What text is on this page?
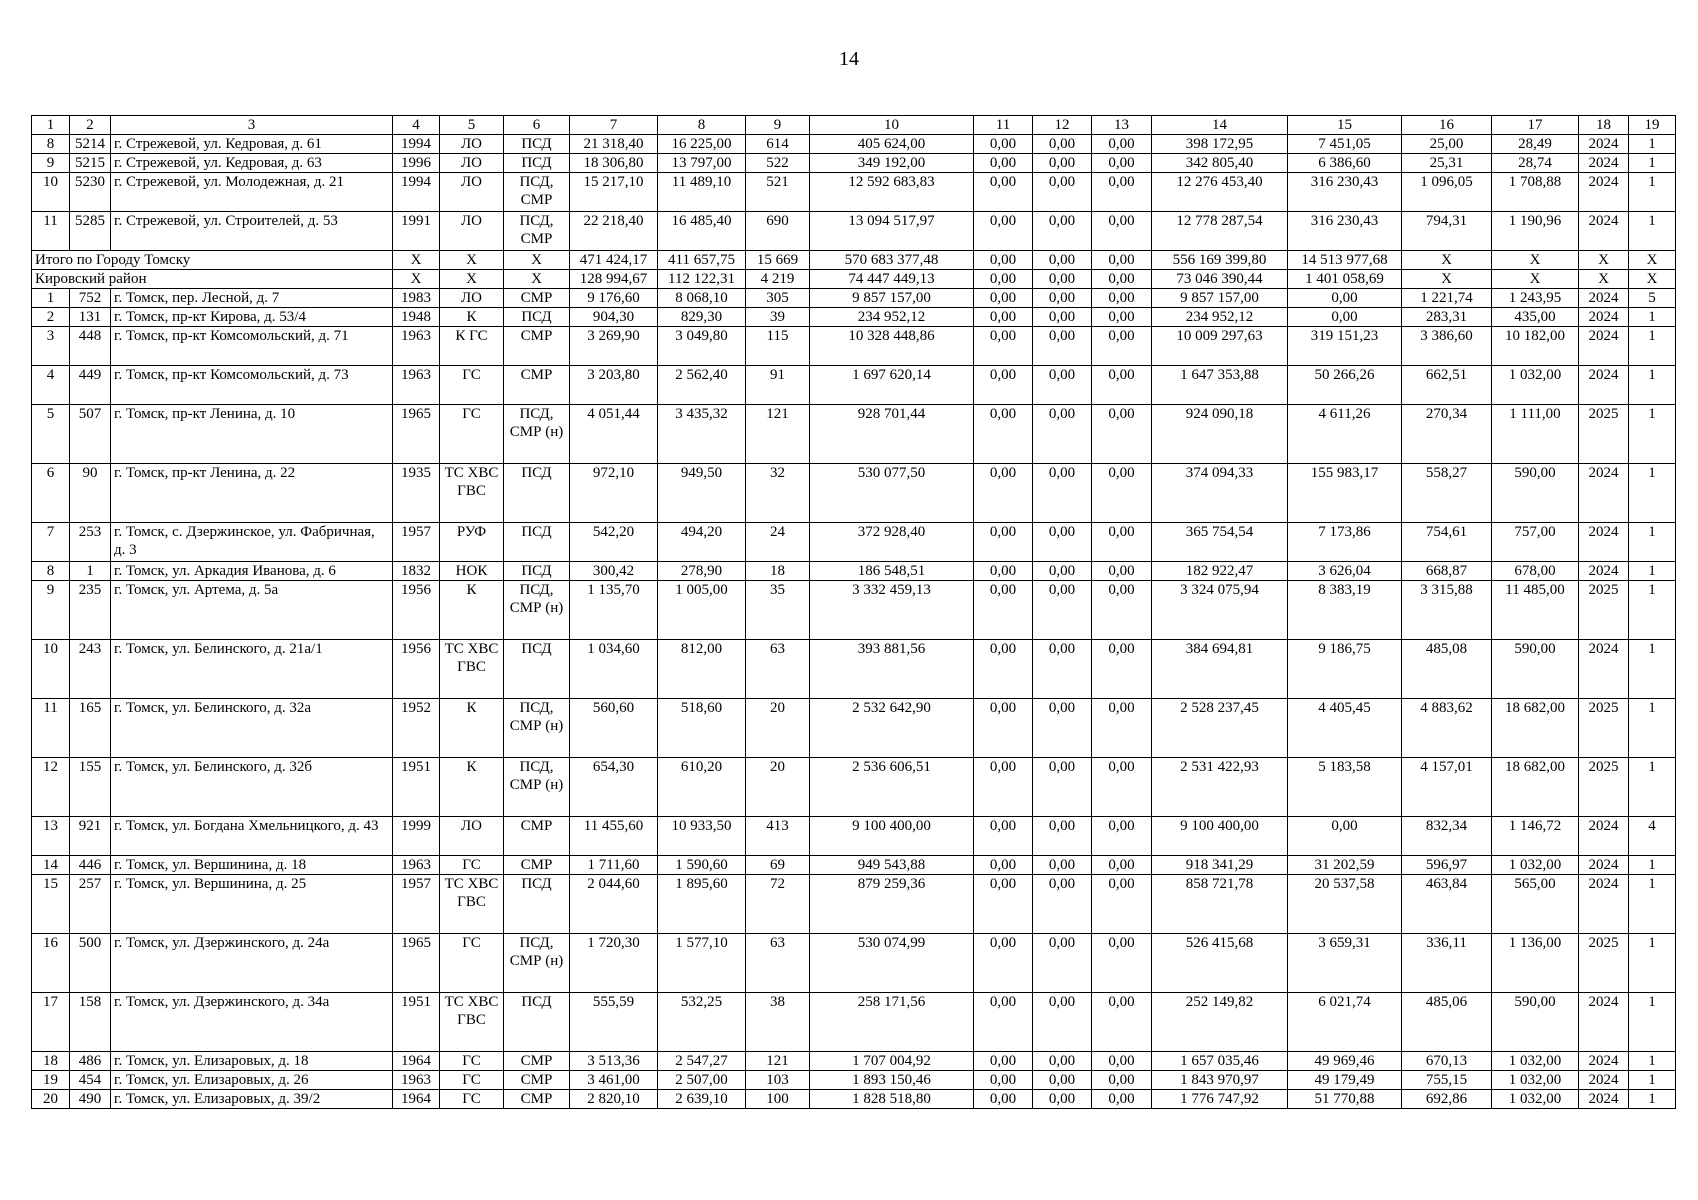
14
1	2	3	4	5	6	7	8	9	10	11	12	13	14	15	16	17	18	19
8	5214	г. Стрежевой, ул. Кедровая, д. 61	1994	ЛО	ПСД	21 318,40	16 225,00	614	405 624,00	0,00	0,00	0,00	398 172,95	7 451,05	25,00	28,49	2024	1
9	5215	г. Стрежевой, ул. Кедровая, д. 63	1996	ЛО	ПСД	18 306,80	13 797,00	522	349 192,00	0,00	0,00	0,00	342 805,40	6 386,60	25,31	28,74	2024	1
10	5230	г. Стрежевой, ул. Молодежная, д. 21	1994	ЛО	ПСД, СМР	15 217,10	11 489,10	521	12 592 683,83	0,00	0,00	0,00	12 276 453,40	316 230,43	1 096,05	1 708,88	2024	1
11	5285	г. Стрежевой, ул. Строителей, д. 53	1991	ЛО	ПСД, СМР	22 218,40	16 485,40	690	13 094 517,97	0,00	0,00	0,00	12 778 287,54	316 230,43	794,31	1 190,96	2024	1
Итого по Городу Томску			Х	Х	Х	471 424,17	411 657,75	15 669	570 683 377,48	0,00	0,00	0,00	556 169 399,80	14 513 977,68	Х	Х	Х	Х
Кировский район			Х	Х	Х	128 994,67	112 122,31	4 219	74 447 449,13	0,00	0,00	0,00	73 046 390,44	1 401 058,69	Х	Х	Х	Х
1	752	г. Томск, пер. Лесной, д. 7	1983	ЛО	СМР	9 176,60	8 068,10	305	9 857 157,00	0,00	0,00	0,00	9 857 157,00	0,00	1 221,74	1 243,95	2024	5
2	131	г. Томск, пр-кт Кирова, д. 53/4	1948	К	ПСД	904,30	829,30	39	234 952,12	0,00	0,00	0,00	234 952,12	0,00	283,31	435,00	2024	1
3	448	г. Томск, пр-кт Комсомольский, д. 71	1963	К ГС	СМР	3 269,90	3 049,80	115	10 328 448,86	0,00	0,00	0,00	10 009 297,63	319 151,23	3 386,60	10 182,00	2024	1
4	449	г. Томск, пр-кт Комсомольский, д. 73	1963	ГС	СМР	3 203,80	2 562,40	91	1 697 620,14	0,00	0,00	0,00	1 647 353,88	50 266,26	662,51	1 032,00	2024	1
5	507	г. Томск, пр-кт Ленина, д. 10	1965	ГС	ПСД, СМР (н)	4 051,44	3 435,32	121	928 701,44	0,00	0,00	0,00	924 090,18	4 611,26	270,34	1 111,00	2025	1
6	90	г. Томск, пр-кт Ленина, д. 22	1935	ТС ХВС ГВС	ПСД	972,10	949,50	32	530 077,50	0,00	0,00	0,00	374 094,33	155 983,17	558,27	590,00	2024	1
7	253	г. Томск, с. Дзержинское, ул. Фабричная, д. 3	1957	РУФ	ПСД	542,20	494,20	24	372 928,40	0,00	0,00	0,00	365 754,54	7 173,86	754,61	757,00	2024	1
8	1	г. Томск, ул. Аркадия Иванова, д. 6	1832	НОК	ПСД	300,42	278,90	18	186 548,51	0,00	0,00	0,00	182 922,47	3 626,04	668,87	678,00	2024	1
9	235	г. Томск, ул. Артема, д. 5а	1956	К	ПСД, СМР (н)	1 135,70	1 005,00	35	3 332 459,13	0,00	0,00	0,00	3 324 075,94	8 383,19	3 315,88	11 485,00	2025	1
10	243	г. Томск, ул. Белинского, д. 21а/1	1956	ТС ХВС ГВС	ПСД	1 034,60	812,00	63	393 881,56	0,00	0,00	0,00	384 694,81	9 186,75	485,08	590,00	2024	1
11	165	г. Томск, ул. Белинского, д. 32а	1952	К	ПСД, СМР (н)	560,60	518,60	20	2 532 642,90	0,00	0,00	0,00	2 528 237,45	4 405,45	4 883,62	18 682,00	2025	1
12	155	г. Томск, ул. Белинского, д. 32б	1951	К	ПСД, СМР (н)	654,30	610,20	20	2 536 606,51	0,00	0,00	0,00	2 531 422,93	5 183,58	4 157,01	18 682,00	2025	1
13	921	г. Томск, ул. Богдана Хмельницкого, д. 43	1999	ЛО	СМР	11 455,60	10 933,50	413	9 100 400,00	0,00	0,00	0,00	9 100 400,00	0,00	832,34	1 146,72	2024	4
14	446	г. Томск, ул. Вершинина, д. 18	1963	ГС	СМР	1 711,60	1 590,60	69	949 543,88	0,00	0,00	0,00	918 341,29	31 202,59	596,97	1 032,00	2024	1
15	257	г. Томск, ул. Вершинина, д. 25	1957	ТС ХВС ГВС	ПСД	2 044,60	1 895,60	72	879 259,36	0,00	0,00	0,00	858 721,78	20 537,58	463,84	565,00	2024	1
16	500	г. Томск, ул. Дзержинского, д. 24а	1965	ГС	ПСД, СМР (н)	1 720,30	1 577,10	63	530 074,99	0,00	0,00	0,00	526 415,68	3 659,31	336,11	1 136,00	2025	1
17	158	г. Томск, ул. Дзержинского, д. 34а	1951	ТС ХВС ГВС	ПСД	555,59	532,25	38	258 171,56	0,00	0,00	0,00	252 149,82	6 021,74	485,06	590,00	2024	1
18	486	г. Томск, ул. Елизаровых, д. 18	1964	ГС	СМР	3 513,36	2 547,27	121	1 707 004,92	0,00	0,00	0,00	1 657 035,46	49 969,46	670,13	1 032,00	2024	1
19	454	г. Томск, ул. Елизаровых, д. 26	1963	ГС	СМР	3 461,00	2 507,00	103	1 893 150,46	0,00	0,00	0,00	1 843 970,97	49 179,49	755,15	1 032,00	2024	1
20	490	г. Томск, ул. Елизаровых, д. 39/2	1964	ГС	СМР	2 820,10	2 639,10	100	1 828 518,80	0,00	0,00	0,00	1 776 747,92	51 770,88	692,86	1 032,00	2024	1
